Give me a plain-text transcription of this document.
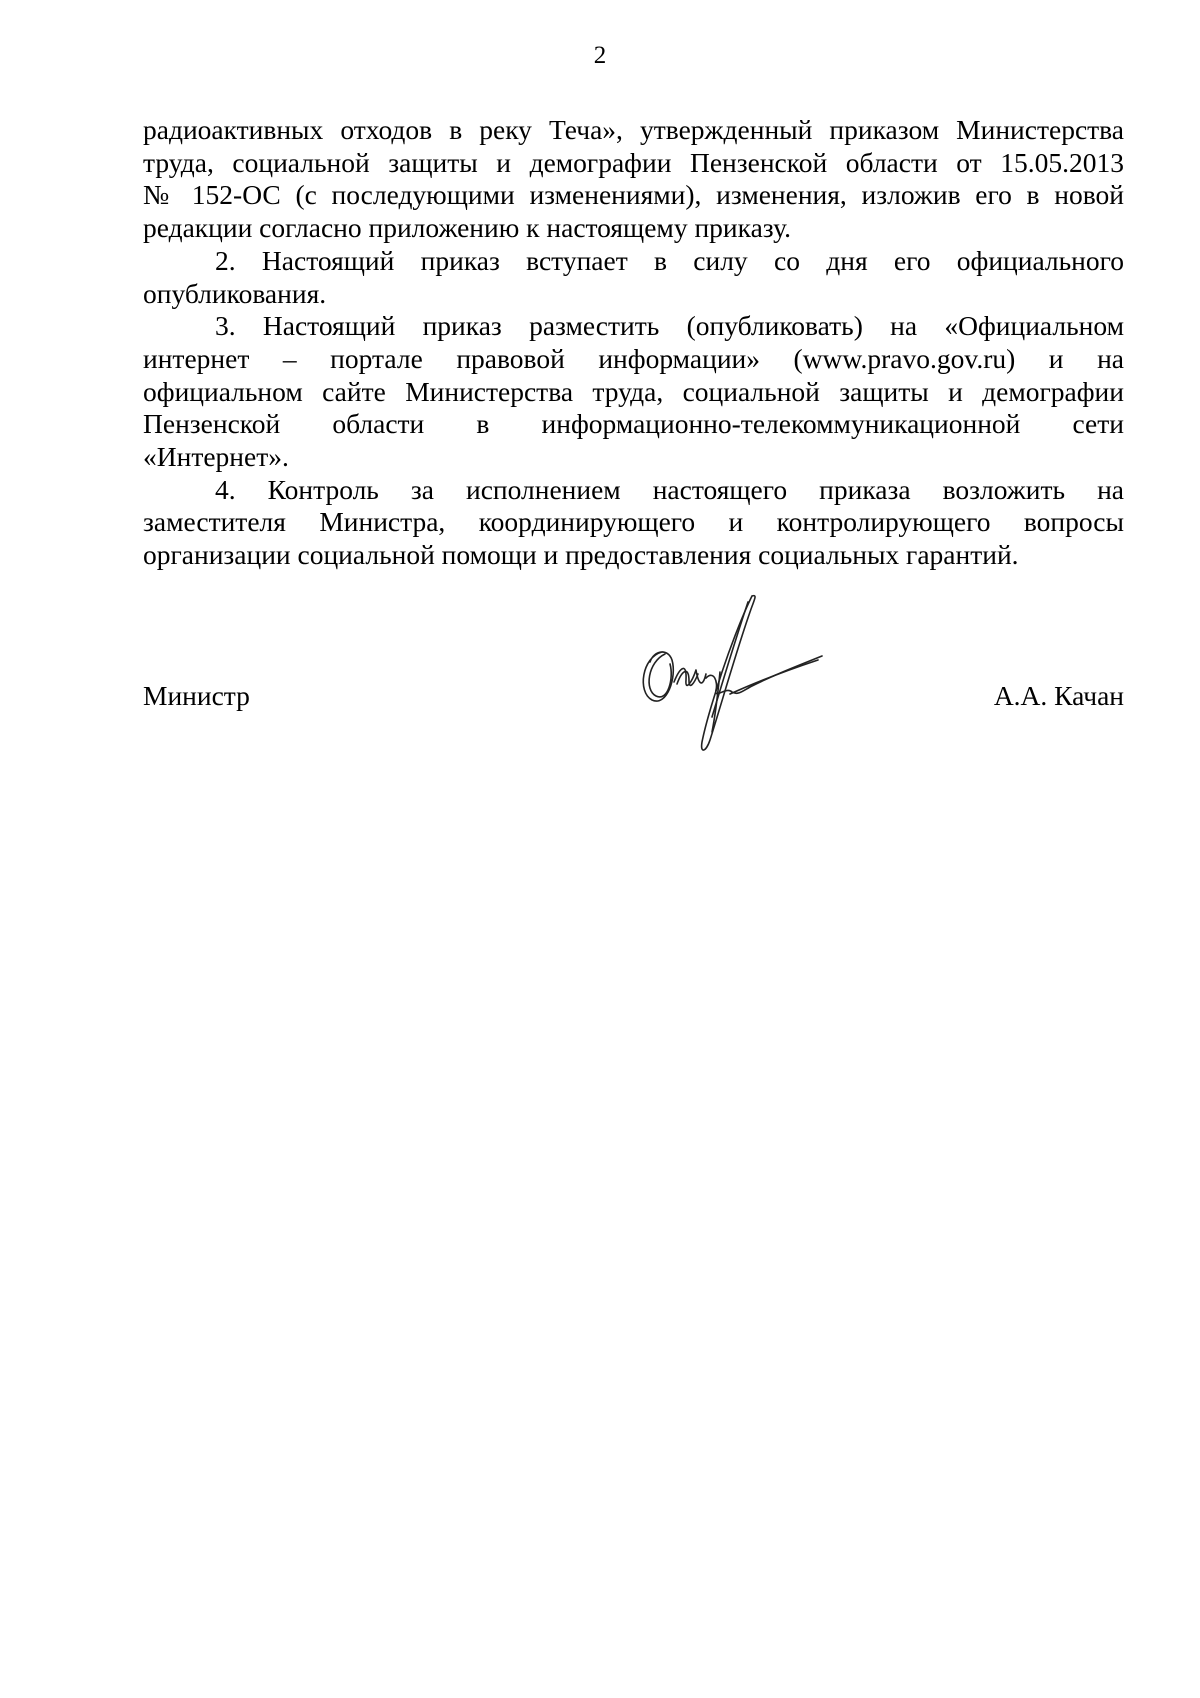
2

радиоактивных отходов в реку Теча», утвержденный приказом Министерства
труда, социальной защиты и демографии Пензенской области от 15.05.2013
№ 152-ОС (с последующими изменениями), изменения, изложив его в новой
редакции согласно приложению к настоящему приказу.

2. Настоящий приказ вступает в силу со дня его официального
опубликования.

3. Настоящий приказ разместить (опубликовать) на «Официальном
интернет – портале правовой информации» (www.pravo.gov.ru) и на
официальном сайте Министерства труда, социальной защиты и демографии
Пензенской области в информационно-телекоммуникационной сети
«Интернет».

4. Контроль за исполнением настоящего приказа возложить на
заместителя Министра, координирующего и контролирующего вопросы
организации социальной помощи и предоставления социальных гарантий.

Министр	А.А. Качан
